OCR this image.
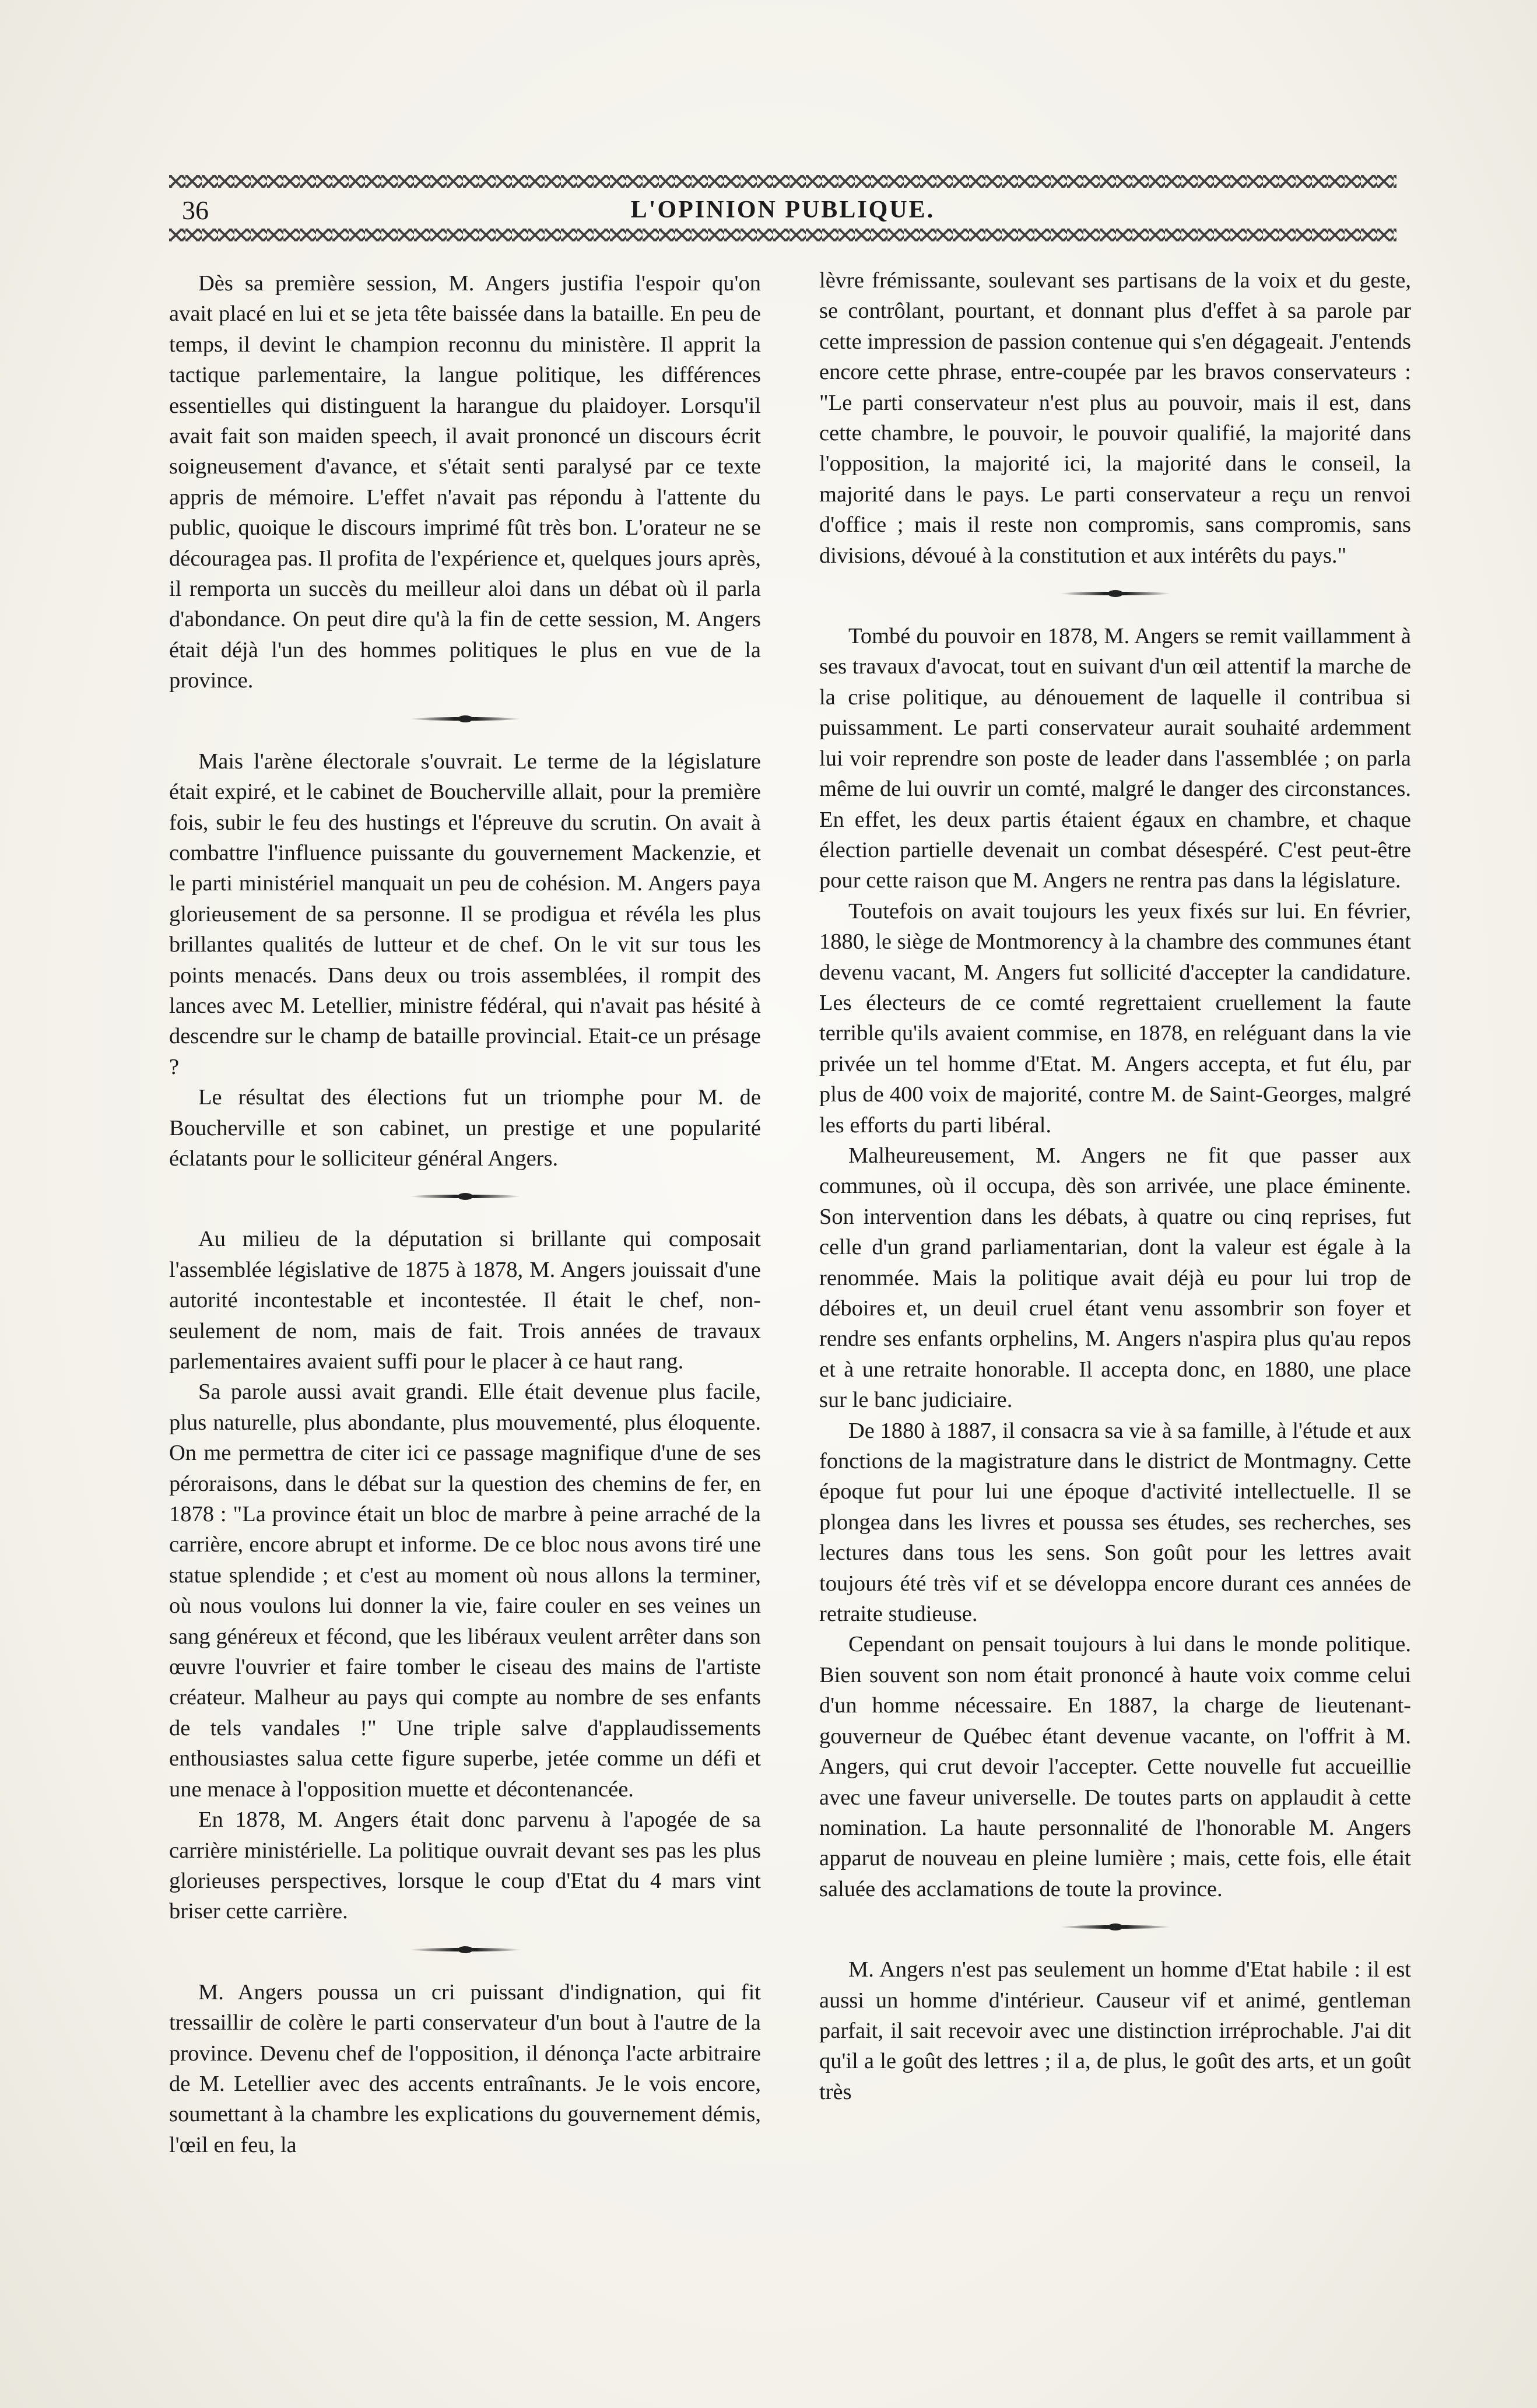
36	L'OPINION PUBLIQUE.

Dès sa première session, M. Angers justifia l'espoir qu'on avait placé en lui et se jeta tête baissée dans la bataille. En peu de temps, il devint le champion reconnu du ministère. Il apprit la tactique parlementaire, la langue politique, les différences essentielles qui distinguent la harangue du plaidoyer. Lorsqu'il avait fait son maiden speech, il avait prononcé un discours écrit soigneusement d'avance, et s'était senti paralysé par ce texte appris de mémoire. L'effet n'avait pas répondu à l'attente du public, quoique le discours imprimé fût très bon. L'orateur ne se découragea pas. Il profita de l'expérience et, quelques jours après, il remporta un succès du meilleur aloi dans un débat où il parla d'abondance. On peut dire qu'à la fin de cette session, M. Angers était déjà l'un des hommes politiques le plus en vue de la province.

Mais l'arène électorale s'ouvrait. Le terme de la législature était expiré, et le cabinet de Boucherville allait, pour la première fois, subir le feu des hustings et l'épreuve du scrutin. On avait à combattre l'influence puissante du gouvernement Mackenzie, et le parti ministériel manquait un peu de cohésion. M. Angers paya glorieusement de sa personne. Il se prodigua et révéla les plus brillantes qualités de lutteur et de chef. On le vit sur tous les points menacés. Dans deux ou trois assemblées, il rompit des lances avec M. Letellier, ministre fédéral, qui n'avait pas hésité à descendre sur le champ de bataille provincial. Etait-ce un présage ?

Le résultat des élections fut un triomphe pour M. de Boucherville et son cabinet, un prestige et une popularité éclatants pour le solliciteur général Angers.

Au milieu de la députation si brillante qui composait l'assemblée législative de 1875 à 1878, M. Angers jouissait d'une autorité incontestable et incontestée. Il était le chef, non-seulement de nom, mais de fait. Trois années de travaux parlementaires avaient suffi pour le placer à ce haut rang.

Sa parole aussi avait grandi. Elle était devenue plus facile, plus naturelle, plus abondante, plus mouvementé, plus éloquente. On me permettra de citer ici ce passage magnifique d'une de ses péroraisons, dans le débat sur la question des chemins de fer, en 1878 : "La province était un bloc de marbre à peine arraché de la carrière, encore abrupt et informe. De ce bloc nous avons tiré une statue splendide ; et c'est au moment où nous allons la terminer, où nous voulons lui donner la vie, faire couler en ses veines un sang généreux et fécond, que les libéraux veulent arrêter dans son œuvre l'ouvrier et faire tomber le ciseau des mains de l'artiste créateur. Malheur au pays qui compte au nombre de ses enfants de tels vandales !" Une triple salve d'applaudissements enthousiastes salua cette figure superbe, jetée comme un défi et une menace à l'opposition muette et décontenancée.

En 1878, M. Angers était donc parvenu à l'apogée de sa carrière ministérielle. La politique ouvrait devant ses pas les plus glorieuses perspectives, lorsque le coup d'Etat du 4 mars vint briser cette carrière.

M. Angers poussa un cri puissant d'indignation, qui fit tressaillir de colère le parti conservateur d'un bout à l'autre de la province. Devenu chef de l'opposition, il dénonça l'acte arbitraire de M. Letellier avec des accents entraînants. Je le vois encore, soumettant à la chambre les explications du gouvernement démis, l'œil en feu, la

lèvre frémissante, soulevant ses partisans de la voix et du geste, se contrôlant, pourtant, et donnant plus d'effet à sa parole par cette impression de passion contenue qui s'en dégageait. J'entends encore cette phrase, entre-coupée par les bravos conservateurs : "Le parti conservateur n'est plus au pouvoir, mais il est, dans cette chambre, le pouvoir, le pouvoir qualifié, la majorité dans l'opposition, la majorité ici, la majorité dans le conseil, la majorité dans le pays. Le parti conservateur a reçu un renvoi d'office ; mais il reste non compromis, sans compromis, sans divisions, dévoué à la constitution et aux intérêts du pays."

Tombé du pouvoir en 1878, M. Angers se remit vaillamment à ses travaux d'avocat, tout en suivant d'un œil attentif la marche de la crise politique, au dénouement de laquelle il contribua si puissamment. Le parti conservateur aurait souhaité ardemment lui voir reprendre son poste de leader dans l'assemblée ; on parla même de lui ouvrir un comté, malgré le danger des circonstances. En effet, les deux partis étaient égaux en chambre, et chaque élection partielle devenait un combat désespéré. C'est peut-être pour cette raison que M. Angers ne rentra pas dans la législature.

Toutefois on avait toujours les yeux fixés sur lui. En février, 1880, le siège de Montmorency à la chambre des communes étant devenu vacant, M. Angers fut sollicité d'accepter la candidature. Les électeurs de ce comté regrettaient cruellement la faute terrible qu'ils avaient commise, en 1878, en reléguant dans la vie privée un tel homme d'Etat. M. Angers accepta, et fut élu, par plus de 400 voix de majorité, contre M. de Saint-Georges, malgré les efforts du parti libéral.

Malheureusement, M. Angers ne fit que passer aux communes, où il occupa, dès son arrivée, une place éminente. Son intervention dans les débats, à quatre ou cinq reprises, fut celle d'un grand parliamentarian, dont la valeur est égale à la renommée. Mais la politique avait déjà eu pour lui trop de déboires et, un deuil cruel étant venu assombrir son foyer et rendre ses enfants orphelins, M. Angers n'aspira plus qu'au repos et à une retraite honorable. Il accepta donc, en 1880, une place sur le banc judiciaire.

De 1880 à 1887, il consacra sa vie à sa famille, à l'étude et aux fonctions de la magistrature dans le district de Montmagny. Cette époque fut pour lui une époque d'activité intellectuelle. Il se plongea dans les livres et poussa ses études, ses recherches, ses lectures dans tous les sens. Son goût pour les lettres avait toujours été très vif et se développa encore durant ces années de retraite studieuse.

Cependant on pensait toujours à lui dans le monde politique. Bien souvent son nom était prononcé à haute voix comme celui d'un homme nécessaire. En 1887, la charge de lieutenant-gouverneur de Québec étant devenue vacante, on l'offrit à M. Angers, qui crut devoir l'accepter. Cette nouvelle fut accueillie avec une faveur universelle. De toutes parts on applaudit à cette nomination. La haute personnalité de l'honorable M. Angers apparut de nouveau en pleine lumière ; mais, cette fois, elle était saluée des acclamations de toute la province.

M. Angers n'est pas seulement un homme d'Etat habile : il est aussi un homme d'intérieur. Causeur vif et animé, gentleman parfait, il sait recevoir avec une distinction irréprochable. J'ai dit qu'il a le goût des lettres ; il a, de plus, le goût des arts, et un goût très
